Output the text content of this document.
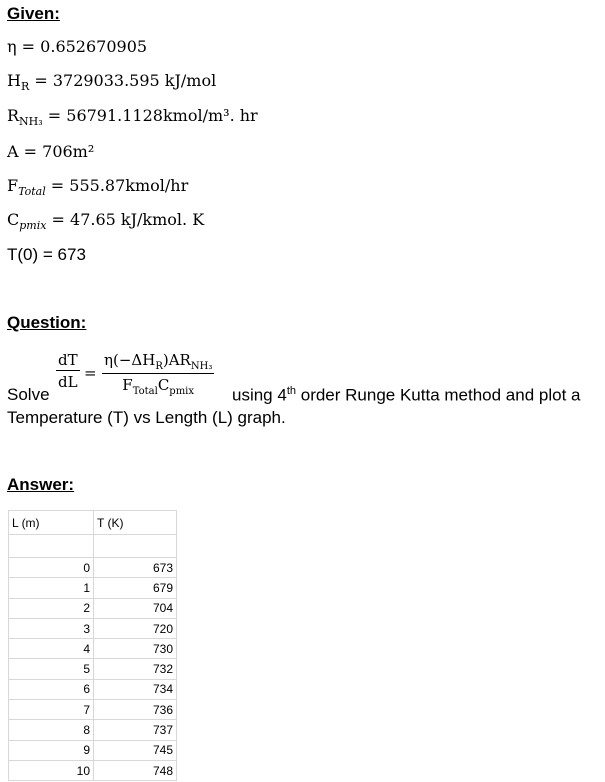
Given:
η = 0.652670905
$H_R = 3729033.595$ kJ/mol
$R_{NH_3}$ = 56791.1128kmol/m³. hr
A = 706m²
$F_{Total}$ = 555.87kmol/hr
$C_{pmix} = 47.65$ kJ/kmol. K
T(0) = 673
Question:
$\frac{dT}{dL}$ =
$\eta(-\Delta H_R)AR_{NH_3}$
$F_{Total}C_{pmix}$
Solve	using 4th order Runge Kutta method and plot a
Temperature (T) vs Length (L) graph.
Answer:
L (m)	T (K)

0	673
1	679
2	704
3	720
4	730
5	732
6	734
7	736
8	737
9	745
10	748
